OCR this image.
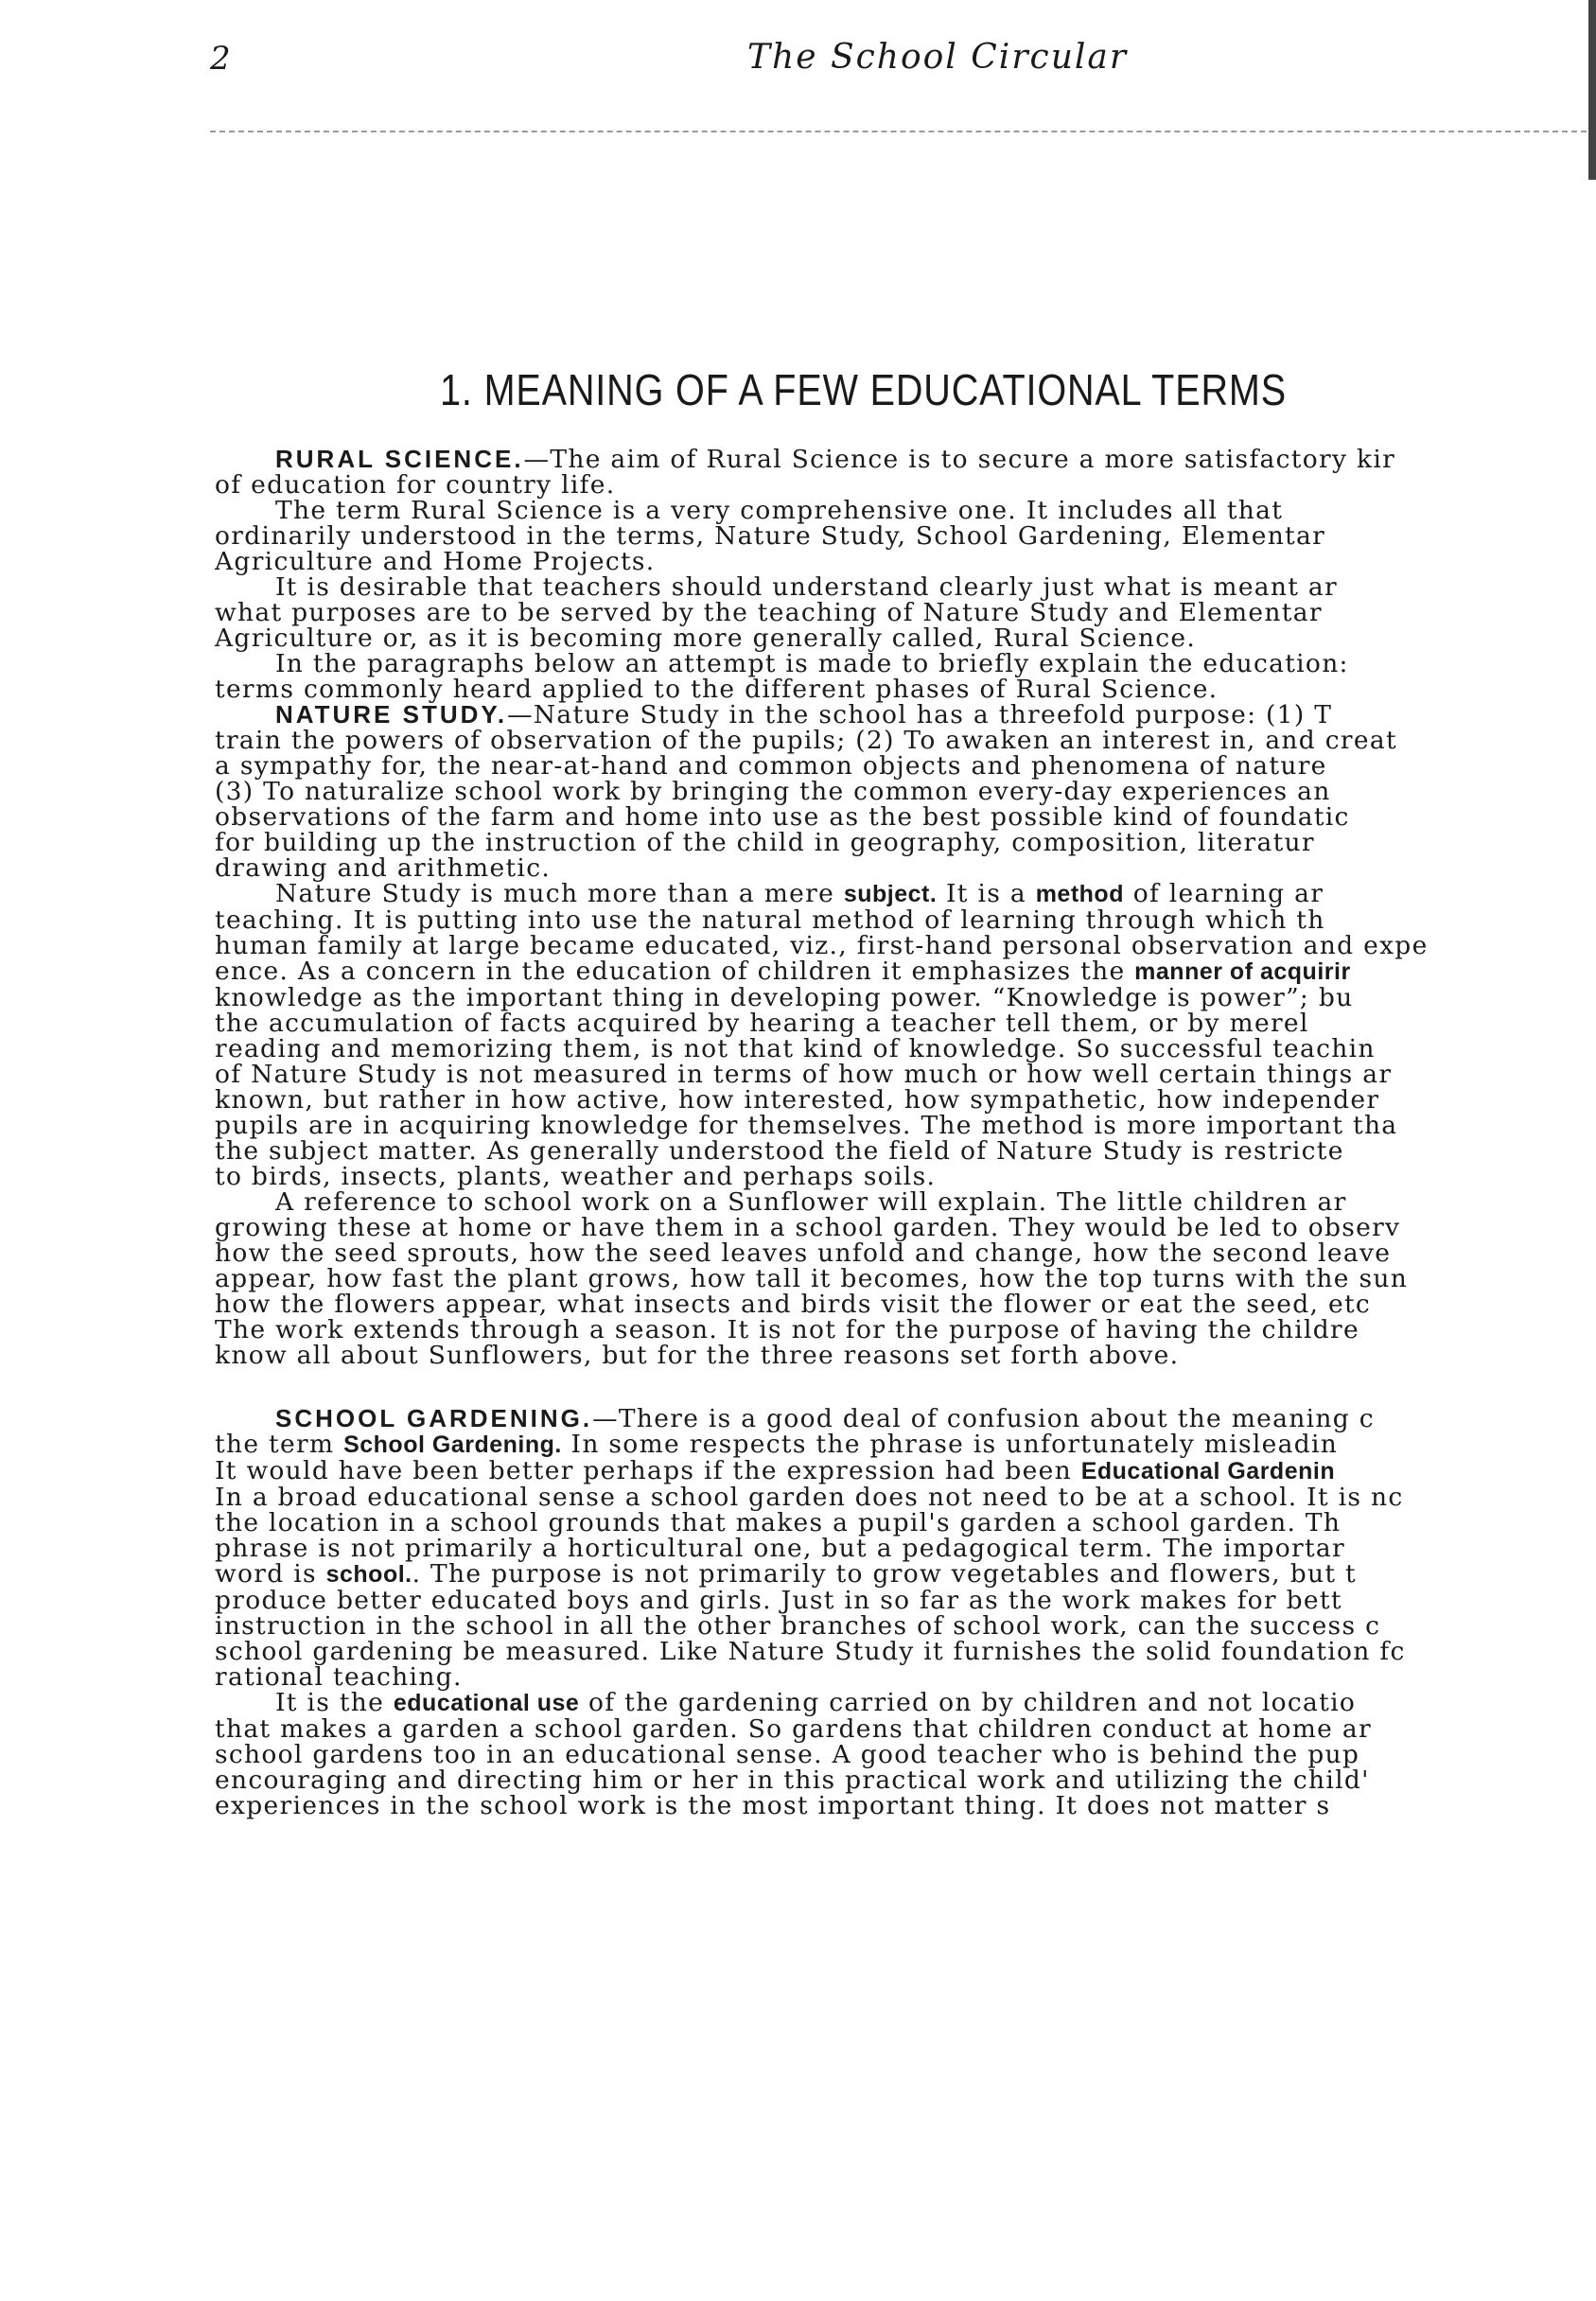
2	The School Circular
1. MEANING OF A FEW EDUCATIONAL TERMS

RURAL SCIENCE.—The aim of Rural Science is to secure a more satisfactory kir
of education for country life.

The term Rural Science is a very comprehensive one. It includes all that
ordinarily understood in the terms, Nature Study, School Gardening, Elementar
Agriculture and Home Projects.

It is desirable that teachers should understand clearly just what is meant ar
what purposes are to be served by the teaching of Nature Study and Elementar
Agriculture or, as it is becoming more generally called, Rural Science.

In the paragraphs below an attempt is made to briefly explain the education:
terms commonly heard applied to the different phases of Rural Science.

NATURE STUDY.—Nature Study in the school has a threefold purpose: (1) T
train the powers of observation of the pupils; (2) To awaken an interest in, and creat
a sympathy for, the near-at-hand and common objects and phenomena of nature
(3) To naturalize school work by bringing the common every-day experiences an
observations of the farm and home into use as the best possible kind of foundatic
for building up the instruction of the child in geography, composition, literatur
drawing and arithmetic.

Nature Study is much more than a mere subject. It is a method of learning ar
teaching. It is putting into use the natural method of learning through which th
human family at large became educated, viz., first-hand personal observation and expe
ence. As a concern in the education of children it emphasizes the manner of acquirir
knowledge as the important thing in developing power. “Knowledge is power”; bu
the accumulation of facts acquired by hearing a teacher tell them, or by merel
reading and memorizing them, is not that kind of knowledge. So successful teachin
of Nature Study is not measured in terms of how much or how well certain things ar
known, but rather in how active, how interested, how sympathetic, how independer
pupils are in acquiring knowledge for themselves. The method is more important tha
the subject matter. As generally understood the field of Nature Study is restricte
to birds, insects, plants, weather and perhaps soils.

A reference to school work on a Sunflower will explain. The little children ar
growing these at home or have them in a school garden. They would be led to observ
how the seed sprouts, how the seed leaves unfold and change, how the second leave
appear, how fast the plant grows, how tall it becomes, how the top turns with the sun
how the flowers appear, what insects and birds visit the flower or eat the seed, etc
The work extends through a season. It is not for the purpose of having the childre
know all about Sunflowers, but for the three reasons set forth above.

SCHOOL GARDENING.—There is a good deal of confusion about the meaning c
the term School Gardening. In some respects the phrase is unfortunately misleadin
It would have been better perhaps if the expression had been Educational Gardenin
In a broad educational sense a school garden does not need to be at a school. It is nc
the location in a school grounds that makes a pupil's garden a school garden. Th
phrase is not primarily a horticultural one, but a pedagogical term. The importar
word is school.. The purpose is not primarily to grow vegetables and flowers, but t
produce better educated boys and girls. Just in so far as the work makes for bett
instruction in the school in all the other branches of school work, can the success c
school gardening be measured. Like Nature Study it furnishes the solid foundation fc
rational teaching.

It is the educational use of the gardening carried on by children and not locatio
that makes a garden a school garden. So gardens that children conduct at home ar
school gardens too in an educational sense. A good teacher who is behind the pup
encouraging and directing him or her in this practical work and utilizing the child'
experiences in the school work is the most important thing. It does not matter s
